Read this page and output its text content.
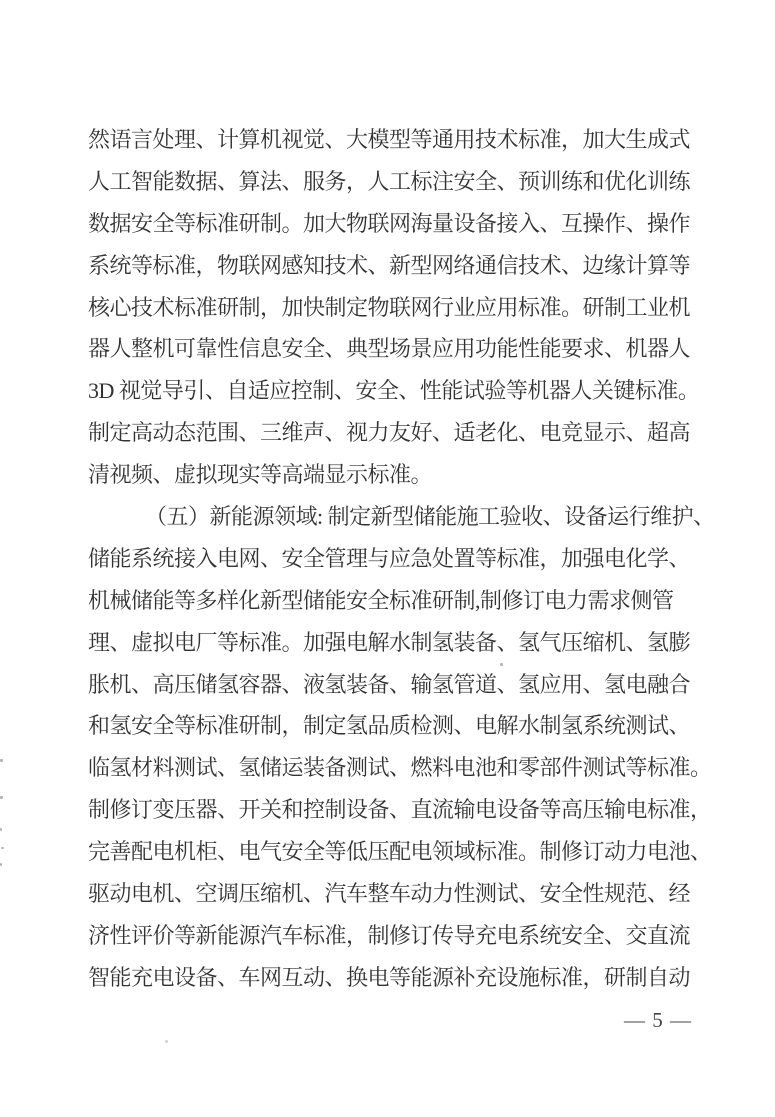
然语言处理、计算机视觉、大模型等通用技术标准，加大生成式
人工智能数据、算法、服务，人工标注安全、预训练和优化训练
数据安全等标准研制。加大物联网海量设备接入、互操作、操作
系统等标准，物联网感知技术、新型网络通信技术、边缘计算等
核心技术标准研制，加快制定物联网行业应用标准。研制工业机
器人整机可靠性信息安全、典型场景应用功能性能要求、机器人
3D 视觉导引、自适应控制、安全、性能试验等机器人关键标准。
制定高动态范围、三维声、视力友好、适老化、电竞显示、超高
清视频、虚拟现实等高端显示标准。
（五）新能源领域: 制定新型储能施工验收、设备运行维护、
储能系统接入电网、安全管理与应急处置等标准，加强电化学、
机械储能等多样化新型储能安全标准研制,制修订电力需求侧管
理、虚拟电厂等标准。加强电解水制氢装备、氢气压缩机、氢膨
胀机、高压储氢容器、液氢装备、输氢管道、氢应用、氢电融合
和氢安全等标准研制，制定氢品质检测、电解水制氢系统测试、
临氢材料测试、氢储运装备测试、燃料电池和零部件测试等标准。
制修订变压器、开关和控制设备、直流输电设备等高压输电标准，
完善配电机柜、电气安全等低压配电领域标准。制修订动力电池、
驱动电机、空调压缩机、汽车整车动力性测试、安全性规范、经
济性评价等新能源汽车标准，制修订传导充电系统安全、交直流
智能充电设备、车网互动、换电等能源补充设施标准，研制自动
— 5 —
